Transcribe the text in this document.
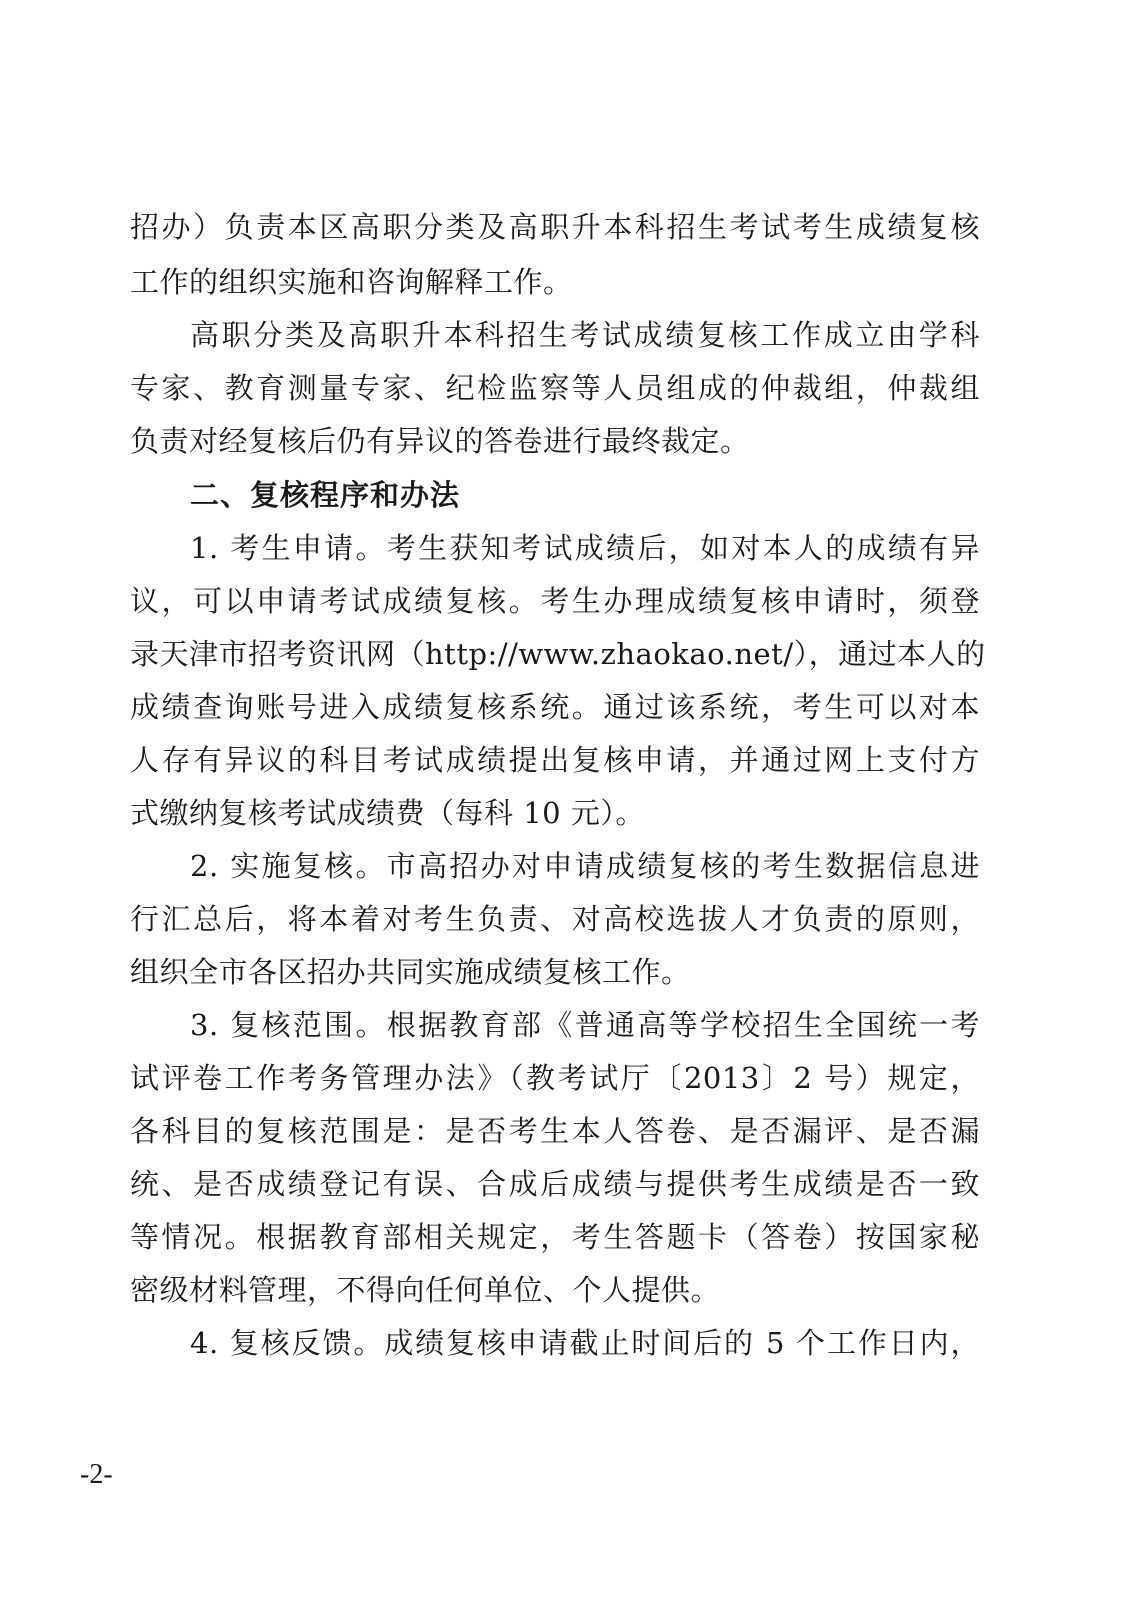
招办）负责本区高职分类及高职升本科招生考试考生成绩复核
工作的组织实施和咨询解释工作。
高职分类及高职升本科招生考试成绩复核工作成立由学科
专家、教育测量专家、纪检监察等人员组成的仲裁组，仲裁组
负责对经复核后仍有异议的答卷进行最终裁定。
二、复核程序和办法
1. 考生申请。考生获知考试成绩后，如对本人的成绩有异
议，可以申请考试成绩复核。考生办理成绩复核申请时，须登
录天津市招考资讯网（http://www.zhaokao.net/），通过本人的
成绩查询账号进入成绩复核系统。通过该系统，考生可以对本
人存有异议的科目考试成绩提出复核申请，并通过网上支付方
式缴纳复核考试成绩费（每科 10 元）。
2. 实施复核。市高招办对申请成绩复核的考生数据信息进
行汇总后，将本着对考生负责、对高校选拔人才负责的原则，
组织全市各区招办共同实施成绩复核工作。
3. 复核范围。根据教育部《普通高等学校招生全国统一考
试评卷工作考务管理办法》（教考试厅〔2013〕2 号）规定，
各科目的复核范围是：是否考生本人答卷、是否漏评、是否漏
统、是否成绩登记有误、合成后成绩与提供考生成绩是否一致
等情况。根据教育部相关规定，考生答题卡（答卷）按国家秘
密级材料管理，不得向任何单位、个人提供。
4. 复核反馈。成绩复核申请截止时间后的 5 个工作日内，
-2-
